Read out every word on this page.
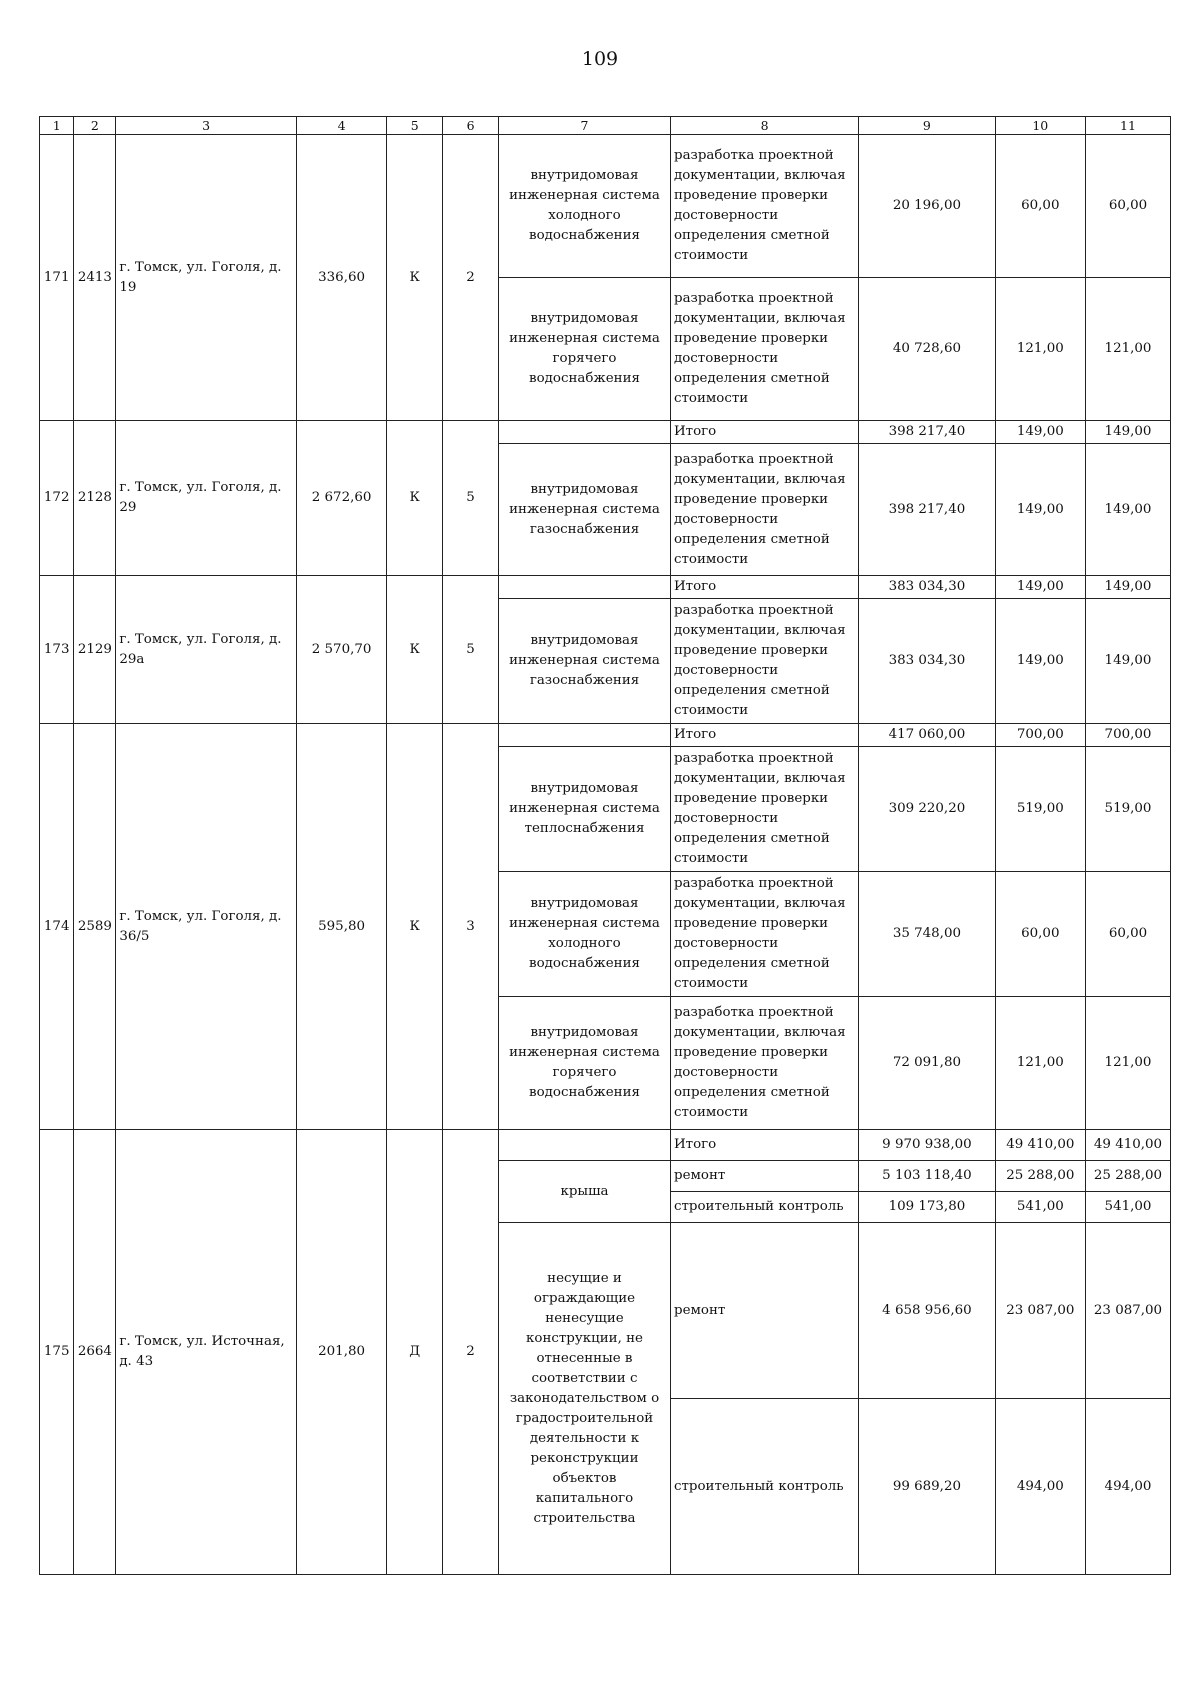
109
1	2	3	4	5	6	7	8	9	10	11
171	2413	г. Томск, ул. Гоголя, д. 19	336,60	К	2	внутридомовая инженерная система холодного водоснабжения	разработка проектной документации, включая проведение проверки достоверности определения сметной стоимости	20 196,00	60,00	60,00
						внутридомовая инженерная система горячего водоснабжения	разработка проектной документации, включая проведение проверки достоверности определения сметной стоимости	40 728,60	121,00	121,00
172	2128	г. Томск, ул. Гоголя, д. 29	2 672,60	К	5		Итого	398 217,40	149,00	149,00
						внутридомовая инженерная система газоснабжения	разработка проектной документации, включая проведение проверки достоверности определения сметной стоимости	398 217,40	149,00	149,00
173	2129	г. Томск, ул. Гоголя, д. 29а	2 570,70	К	5		Итого	383 034,30	149,00	149,00
						внутридомовая инженерная система газоснабжения	разработка проектной документации, включая проведение проверки достоверности определения сметной стоимости	383 034,30	149,00	149,00
174	2589	г. Томск, ул. Гоголя, д. 36/5	595,80	К	3		Итого	417 060,00	700,00	700,00
						внутридомовая инженерная система теплоснабжения	разработка проектной документации, включая проведение проверки достоверности определения сметной стоимости	309 220,20	519,00	519,00
						внутридомовая инженерная система холодного водоснабжения	разработка проектной документации, включая проведение проверки достоверности определения сметной стоимости	35 748,00	60,00	60,00
						внутридомовая инженерная система горячего водоснабжения	разработка проектной документации, включая проведение проверки достоверности определения сметной стоимости	72 091,80	121,00	121,00
175	2664	г. Томск, ул. Источная, д. 43	201,80	Д	2		Итого	9 970 938,00	49 410,00	49 410,00
						крыша	ремонт	5 103 118,40	25 288,00	25 288,00
							строительный контроль	109 173,80	541,00	541,00
						несущие и ограждающие ненесущие конструкции, не отнесенные в соответствии с законодательством о градостроительной деятельности к реконструкции объектов капитального строительства	ремонт	4 658 956,60	23 087,00	23 087,00
							строительный контроль	99 689,20	494,00	494,00
